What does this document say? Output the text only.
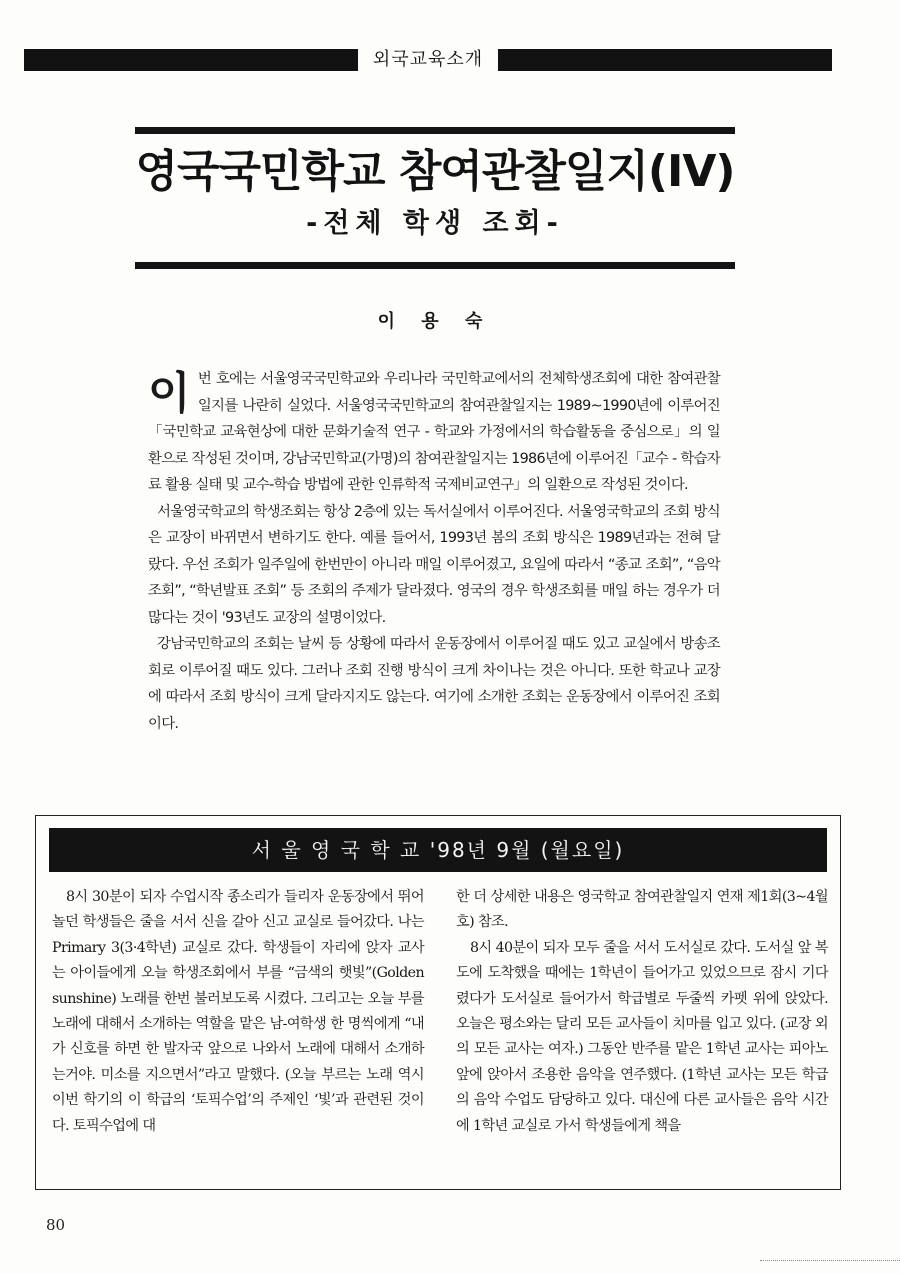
외국교육소개
영국국민학교 참여관찰일지(IV)
-전체 학생 조회-
이 용 숙

이 번 호에는 서울영국국민학교와 우리나라 국민학교에서의 전체학생조회에 대한 참여관찰일지를 나란히 실었다. 서울영국국민학교의 참여관찰일지는 1989∼1990년에 이루어진「국민학교 교육현상에 대한 문화기술적 연구 - 학교와 가정에서의 학습활동을 중심으로」의 일환으로 작성된 것이며, 강남국민학교(가명)의 참여관찰일지는 1986년에 이루어진「교수 - 학습자료 활용 실태 및 교수-학습 방법에 관한 인류학적 국제비교연구」의 일환으로 작성된 것이다.

서울영국학교의 학생조회는 항상 2층에 있는 독서실에서 이루어진다. 서울영국학교의 조회 방식은 교장이 바뀌면서 변하기도 한다. 예를 들어서, 1993년 봄의 조회 방식은 1989년과는 전혀 달랐다. 우선 조회가 일주일에 한번만이 아니라 매일 이루어졌고, 요일에 따라서 “종교 조회”, “음악 조회”, “학년발표 조회” 등 조회의 주제가 달라졌다. 영국의 경우 학생조회를 매일 하는 경우가 더 많다는 것이 '93년도 교장의 설명이었다.

강남국민학교의 조회는 날씨 등 상황에 따라서 운동장에서 이루어질 때도 있고 교실에서 방송조회로 이루어질 때도 있다. 그러나 조회 진행 방식이 크게 차이나는 것은 아니다. 또한 학교나 교장에 따라서 조회 방식이 크게 달라지지도 않는다. 여기에 소개한 조회는 운동장에서 이루어진 조회이다.

서 울 영 국 학 교 '98년 9월 (월요일)

8시 30분이 되자 수업시작 종소리가 들리자 운동장에서 뛰어놀던 학생들은 줄을 서서 신을 갈아 신고 교실로 들어갔다. 나는 Primary 3(3·4학년) 교실로 갔다. 학생들이 자리에 앉자 교사는 아이들에게 오늘 학생조회에서 부를 “금색의 햇빛”(Golden sunshine) 노래를 한번 불러보도록 시켰다. 그리고는 오늘 부를 노래에 대해서 소개하는 역할을 맡은 남-여학생 한 명씩에게 “내가 신호를 하면 한 발자국 앞으로 나와서 노래에 대해서 소개하는거야. 미소를 지으면서”라고 말했다. (오늘 부르는 노래 역시 이번 학기의 이 학급의 ‘토픽수업’의 주제인 ‘빛’과 관련된 것이다. 토픽수업에 대

한 더 상세한 내용은 영국학교 참여관찰일지 연재 제1회(3∼4월호) 참조.

8시 40분이 되자 모두 줄을 서서 도서실로 갔다. 도서실 앞 복도에 도착했을 때에는 1학년이 들어가고 있었으므로 잠시 기다렸다가 도서실로 들어가서 학급별로 두줄씩 카펫 위에 앉았다. 오늘은 평소와는 달리 모든 교사들이 치마를 입고 있다. (교장 외의 모든 교사는 여자.) 그동안 반주를 맡은 1학년 교사는 피아노 앞에 앉아서 조용한 음악을 연주했다. (1학년 교사는 모든 학급의 음악 수업도 담당하고 있다. 대신에 다른 교사들은 음악 시간에 1학년 교실로 가서 학생들에게 책을

80
